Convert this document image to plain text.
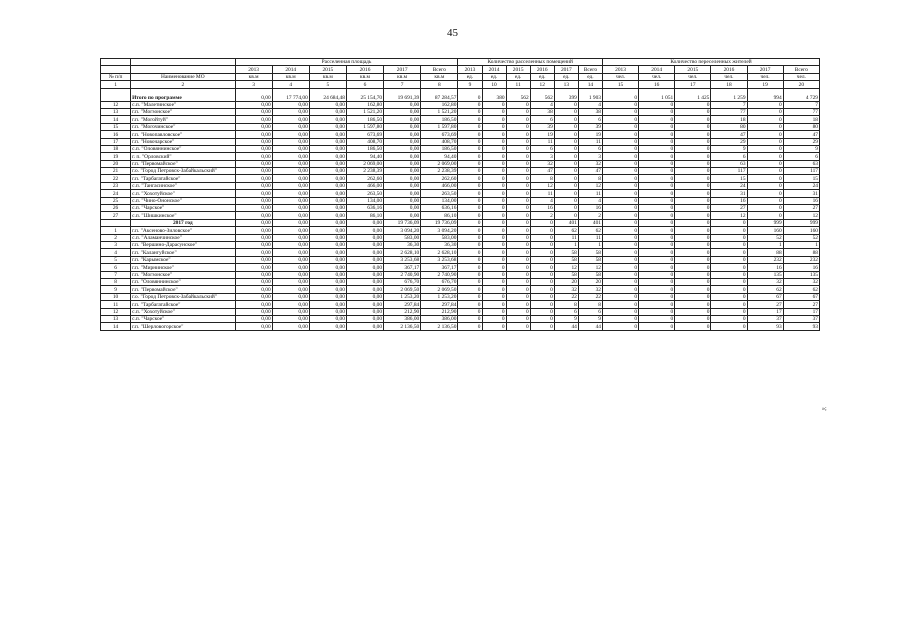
45
		Расселенная площадь						Количество расселенных помещений						Количество переселенных жителей					
		2013	2014	2015	2016	2017	Всего	2013	2014	2015	2016	2017	Всего	2013	2014	2015	2016	2017	Всего
№ п/п	Наименование МО	кв.м	кв.м	кв.м	кв.м	кв.м	кв.м	ед.	ед.	ед.	ед.	ед.	ед.	чел.	чел.	чел.	чел.	чел.	чел.
1	2	3	4	5	6	7	8	9	10	11	12	13	14	15	16	17	18	19	20
	Итого по программе	0,00	17 774,00	24 684,48	25 154,70	19 691,39	87 284,57	0	380	562	562	399	1 903	0	1 051	1 425	1 259	994	4 729
12	с.п. "Малетинское"	0,00	0,00	0,00	162,80	0,00	162,80	0	0	0	4	0	4	0	0	0	7	0	7
13	г.п. "Могзонское"	0,00	0,00	0,00	1 521,20	0,00	1 521,20	0	0	0	38	0	38	0	0	0	77	0	77
14	г.п. "Могойтуй"	0,00	0,00	0,00	186,50	0,00	186,50	0	0	0	6	0	6	0	0	0	18	0	18
15	г.п. "Могочинское"	0,00	0,00	0,00	1 597,80	0,00	1 597,80	0	0	0	39	0	39	0	0	0	80	0	80
16	г.п. "Новопавловское"	0,00	0,00	0,00	673,69	0,00	673,69	0	0	0	19	0	19	0	0	0	47	0	47
17	г.п. "Новочарское"	0,00	0,00	0,00	408,70	0,00	408,70	0	0	0	11	0	11	0	0	0	29	0	29
18	с.п. "Оловяннинское"	0,00	0,00	0,00	186,50	0,00	186,50	0	0	0	6	0	6	0	0	0	9	0	9
19	г. п. "Орловский"	0,00	0,00	0,00	94,40	0,00	94,40	0	0	0	3	0	3	0	0	0	6	0	6
20	г.п. "Первомайское"	0,00	0,00	0,00	2 069,00	0,00	2 069,00	0	0	0	32	0	32	0	0	0	63	0	63
21	г.о. "Город Петровск-Забайкальский"	0,00	0,00	0,00	2 238,39	0,00	2 238,39	0	0	0	47	0	47	0	0	0	117	0	117
22	г.п. "Тарбагатайское"	0,00	0,00	0,00	262,60	0,00	262,60	0	0	0	8	0	8	0	0	0	15	0	15
23	с.п. "Тангасинское"	0,00	0,00	0,00	466,00	0,00	466,00	0	0	0	12	0	12	0	0	0	24	0	24
24	с.п. "Хохотуйское"	0,00	0,00	0,00	263,50	0,00	263,50	0	0	0	11	0	11	0	0	0	31	0	31
25	с.п. "Чино-Ононское"	0,00	0,00	0,00	134,00	0,00	134,00	0	0	0	4	0	4	0	0	0	16	0	16
26	с.п. "Чарское"	0,00	0,00	0,00	636,16	0,00	636,16	0	0	0	16	0	16	0	0	0	27	0	27
27	с.п. "Шишкинское"	0,00	0,00	0,00	86,10	0,00	86,10	0	0	0	2	0	2	0	0	0	12	0	12
	2017 год	0,00	0,00	0,00	0,00	19 736,09	19 736,09	0	0	0	0	401	401	0	0	0	0	999	999
1	г.п. "Аксеново-Зиловское"	0,00	0,00	0,00	0,00	3 094,20	3 094,20	0	0	0	0	62	62	0	0	0	0	160	160
2	с.п. "Аламанчинское"	0,00	0,00	0,00	0,00	583,00	583,00	0	0	0	0	11	11	0	0	0	0	52	52
3	г.п. "Вершино-Дарасунское"	0,00	0,00	0,00	0,00	36,30	36,30	0	0	0	0	1	1	0	0	0	0	1	1
4	г.п. "Калангуйское"	0,00	0,00	0,00	0,00	2 628,10	2 628,10	0	0	0	0	58	58	0	0	0	0	88	88
5	г.п. "Карымское"	0,00	0,00	0,00	0,00	3 253,68	3 253,68	0	0	0	0	58	58	0	0	0	0	232	232
6	г.п. "Мирнинское"	0,00	0,00	0,00	0,00	367,17	367,17	0	0	0	0	12	12	0	0	0	0	16	16
7	г.п. "Могзонское"	0,00	0,00	0,00	0,00	2 740,90	2 740,90	0	0	0	0	58	58	0	0	0	0	135	135
8	г.п. "Оловяннинское"	0,00	0,00	0,00	0,00	676,70	676,70	0	0	0	0	20	20	0	0	0	0	32	32
9	г.п. "Первомайское"	0,00	0,00	0,00	0,00	2 069,50	2 069,50	0	0	0	0	32	32	0	0	0	0	62	62
10	г.о. "Город Петровск-Забайкальский"	0,00	0,00	0,00	0,00	1 253,20	1 253,20	0	0	0	0	22	22	0	0	0	0	67	67
11	г.п. "Тарбагатайское"	0,00	0,00	0,00	0,00	297,84	297,84	0	0	0	0	8	8	0	0	0	0	27	27
12	с.п. "Хохотуйское"	0,00	0,00	0,00	0,00	212,90	212,90	0	0	0	0	6	6	0	0	0	0	17	17
13	с.п. "Чарское"	0,00	0,00	0,00	0,00	386,00	386,00	0	0	0	0	9	9	0	0	0	0	37	37
14	г.п. "Шерловогорское"	0,00	0,00	0,00	0,00	2 136,50	2 136,50	0	0	0	0	44	44	0	0	0	0	93	93
»;
